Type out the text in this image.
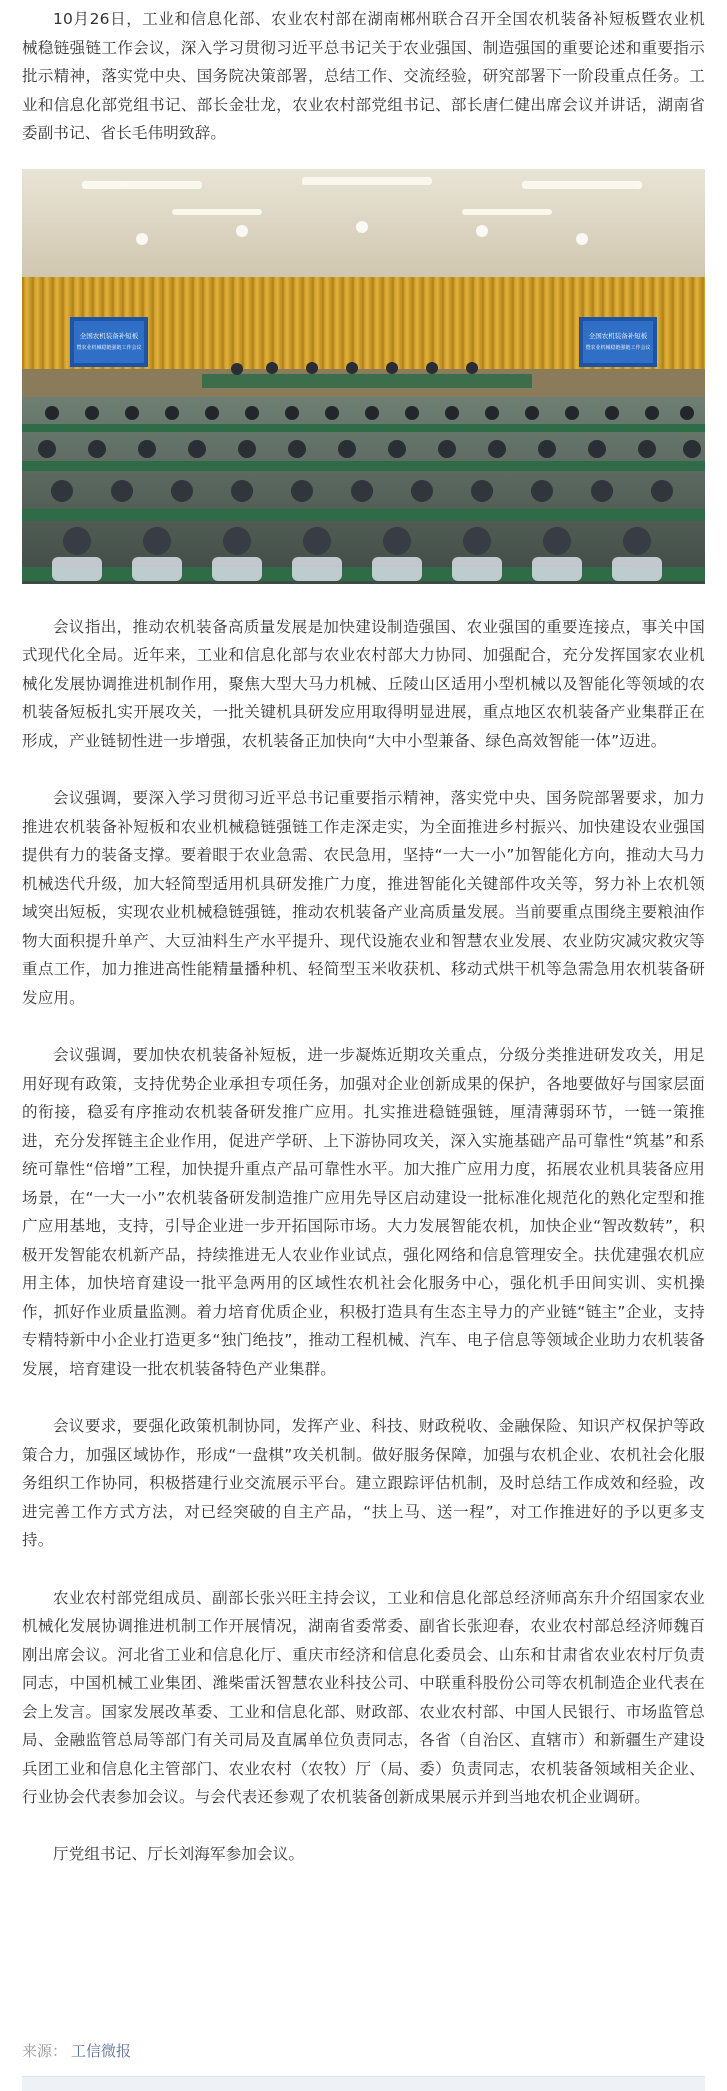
10月26日，工业和信息化部、农业农村部在湖南郴州联合召开全国农机装备补短板暨农业机械稳链强链工作会议，深入学习贯彻习近平总书记关于农业强国、制造强国的重要论述和重要指示批示精神，落实党中央、国务院决策部署，总结工作、交流经验，研究部署下一阶段重点任务。工业和信息化部党组书记、部长金壮龙，农业农村部党组书记、部长唐仁健出席会议并讲话，湖南省委副书记、省长毛伟明致辞。

全国农机装备补短板
暨农业机械稳链强链工作会议
全国农机装备补短板
暨农业机械稳链强链工作会议

会议指出，推动农机装备高质量发展是加快建设制造强国、农业强国的重要连接点，事关中国式现代化全局。近年来，工业和信息化部与农业农村部大力协同、加强配合，充分发挥国家农业机械化发展协调推进机制作用，聚焦大型大马力机械、丘陵山区适用小型机械以及智能化等领域的农机装备短板扎实开展攻关，一批关键机具研发应用取得明显进展，重点地区农机装备产业集群正在形成，产业链韧性进一步增强，农机装备正加快向“大中小型兼备、绿色高效智能一体”迈进。

会议强调，要深入学习贯彻习近平总书记重要指示精神，落实党中央、国务院部署要求，加力推进农机装备补短板和农业机械稳链强链工作走深走实，为全面推进乡村振兴、加快建设农业强国提供有力的装备支撑。要着眼于农业急需、农民急用，坚持“一大一小”加智能化方向，推动大马力机械迭代升级，加大轻简型适用机具研发推广力度，推进智能化关键部件攻关等，努力补上农机领域突出短板，实现农业机械稳链强链，推动农机装备产业高质量发展。当前要重点围绕主要粮油作物大面积提升单产、大豆油料生产水平提升、现代设施农业和智慧农业发展、农业防灾减灾救灾等重点工作，加力推进高性能精量播种机、轻简型玉米收获机、移动式烘干机等急需急用农机装备研发应用。

会议强调，要加快农机装备补短板，进一步凝炼近期攻关重点，分级分类推进研发攻关，用足用好现有政策，支持优势企业承担专项任务，加强对企业创新成果的保护，各地要做好与国家层面的衔接，稳妥有序推动农机装备研发推广应用。扎实推进稳链强链，厘清薄弱环节，一链一策推进，充分发挥链主企业作用，促进产学研、上下游协同攻关，深入实施基础产品可靠性“筑基”和系统可靠性“倍增”工程，加快提升重点产品可靠性水平。加大推广应用力度，拓展农业机具装备应用场景，在“一大一小”农机装备研发制造推广应用先导区启动建设一批标准化规范化的熟化定型和推广应用基地，支持，引导企业进一步开拓国际市场。大力发展智能农机，加快企业“智改数转”，积极开发智能农机新产品，持续推进无人农业作业试点，强化网络和信息管理安全。扶优建强农机应用主体，加快培育建设一批平急两用的区域性农机社会化服务中心，强化机手田间实训、实机操作，抓好作业质量监测。着力培育优质企业，积极打造具有生态主导力的产业链“链主”企业，支持专精特新中小企业打造更多“独门绝技”，推动工程机械、汽车、电子信息等领域企业助力农机装备发展，培育建设一批农机装备特色产业集群。

会议要求，要强化政策机制协同，发挥产业、科技、财政税收、金融保险、知识产权保护等政策合力，加强区域协作，形成“一盘棋”攻关机制。做好服务保障，加强与农机企业、农机社会化服务组织工作协同，积极搭建行业交流展示平台。建立跟踪评估机制，及时总结工作成效和经验，改进完善工作方式方法，对已经突破的自主产品，“扶上马、送一程”，对工作推进好的予以更多支持。

农业农村部党组成员、副部长张兴旺主持会议，工业和信息化部总经济师高东升介绍国家农业机械化发展协调推进机制工作开展情况，湖南省委常委、副省长张迎春，农业农村部总经济师魏百刚出席会议。河北省工业和信息化厅、重庆市经济和信息化委员会、山东和甘肃省农业农村厅负责同志，中国机械工业集团、潍柴雷沃智慧农业科技公司、中联重科股份公司等农机制造企业代表在会上发言。国家发展改革委、工业和信息化部、财政部、农业农村部、中国人民银行、市场监管总局、金融监管总局等部门有关司局及直属单位负责同志，各省（自治区、直辖市）和新疆生产建设兵团工业和信息化主管部门、农业农村（农牧）厅（局、委）负责同志，农机装备领域相关企业、行业协会代表参加会议。与会代表还参观了农机装备创新成果展示并到当地农机企业调研。

厅党组书记、厅长刘海军参加会议。

来源： 工信微报
